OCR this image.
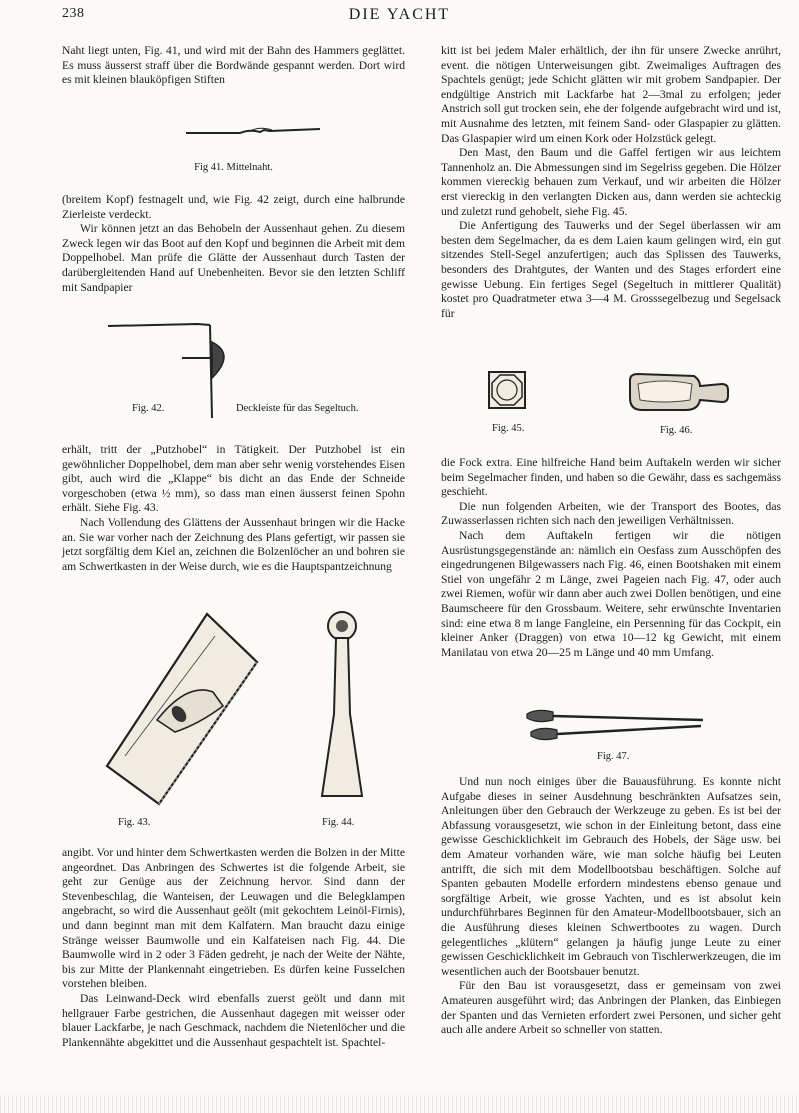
238	DIE YACHT

Naht liegt unten, Fig. 41, und wird mit der Bahn des Hammers geglättet. Es muss äusserst straff über die Bordwände gespannt werden. Dort wird es mit kleinen blauköpfigen Stiften

Fig 41. Mittelnaht.

(breitem Kopf) festnagelt und, wie Fig. 42 zeigt, durch eine halbrunde Zierleiste verdeckt.

Wir können jetzt an das Behobeln der Aussenhaut gehen. Zu diesem Zweck legen wir das Boot auf den Kopf und beginnen die Arbeit mit dem Doppelhobel. Man prüfe die Glätte der Aussenhaut durch Tasten der darübergleitenden Hand auf Unebenheiten. Bevor sie den letzten Schliff mit Sandpapier

Fig. 42.	Deckleiste für das Segeltuch.

erhält, tritt der „Putzhobel“ in Tätigkeit. Der Putzhobel ist ein gewöhnlicher Doppelhobel, dem man aber sehr wenig vorstehendes Eisen gibt, auch wird die „Klappe“ bis dicht an das Ende der Schneide vorgeschoben (etwa ½ mm), so dass man einen äusserst feinen Spohn erhält. Siehe Fig. 43.

Nach Vollendung des Glättens der Aussenhaut bringen wir die Hacke an. Sie war vorher nach der Zeichnung des Plans gefertigt, wir passen sie jetzt sorgfältig dem Kiel an, zeichnen die Bolzenlöcher an und bohren sie am Schwertkasten in der Weise durch, wie es die Hauptspantzeichnung

Fig. 43.	Fig. 44.

angibt. Vor und hinter dem Schwertkasten werden die Bolzen in der Mitte angeordnet. Das Anbringen des Schwertes ist die folgende Arbeit, sie geht zur Genüge aus der Zeichnung hervor. Sind dann der Stevenbeschlag, die Wanteisen, der Leuwagen und die Belegklampen angebracht, so wird die Aussenhaut geölt (mit gekochtem Leinöl-Firnis), und dann beginnt man mit dem Kalfatern. Man braucht dazu einige Stränge weisser Baumwolle und ein Kalfateisen nach Fig. 44. Die Baumwolle wird in 2 oder 3 Fäden gedreht, je nach der Weite der Nähte, bis zur Mitte der Plankennaht eingetrieben. Es dürfen keine Fusselchen vorstehen bleiben.

Das Leinwand-Deck wird ebenfalls zuerst geölt und dann mit hellgrauer Farbe gestrichen, die Aussenhaut dagegen mit weisser oder blauer Lackfarbe, je nach Geschmack, nachdem die Nietenlöcher und die Plankennähte abgekittet und die Aussenhaut gespachtelt ist. Spachtel-

kitt ist bei jedem Maler erhältlich, der ihn für unsere Zwecke anrührt, event. die nötigen Unterweisungen gibt. Zweimaliges Auftragen des Spachtels genügt; jede Schicht glätten wir mit grobem Sandpapier. Der endgültige Anstrich mit Lackfarbe hat 2—3mal zu erfolgen; jeder Anstrich soll gut trocken sein, ehe der folgende aufgebracht wird und ist, mit Ausnahme des letzten, mit feinem Sand- oder Glaspapier zu glätten. Das Glaspapier wird um einen Kork oder Holzstück gelegt.

Den Mast, den Baum und die Gaffel fertigen wir aus leichtem Tannenholz an. Die Abmessungen sind im Segelriss gegeben. Die Hölzer kommen viereckig behauen zum Verkauf, und wir arbeiten die Hölzer erst viereckig in den verlangten Dicken aus, dann werden sie achteckig und zuletzt rund gehobelt, siehe Fig. 45.

Die Anfertigung des Tauwerks und der Segel überlassen wir am besten dem Segelmacher, da es dem Laien kaum gelingen wird, ein gut sitzendes Stell-Segel anzufertigen; auch das Splissen des Tauwerks, besonders des Drahtgutes, der Wanten und des Stages erfordert eine gewisse Uebung. Ein fertiges Segel (Segeltuch in mittlerer Qualität) kostet pro Quadratmeter etwa 3—4 M. Grosssegelbezug und Segelsack für

Fig. 45.	Fig. 46.

die Fock extra. Eine hilfreiche Hand beim Auftakeln werden wir sicher beim Segelmacher finden, und haben so die Gewähr, dass es sachgemäss geschieht.

Die nun folgenden Arbeiten, wie der Transport des Bootes, das Zuwasserlassen richten sich nach den jeweiligen Verhältnissen.

Nach dem Auftakeln fertigen wir die nötigen Ausrüstungsgegenstände an: nämlich ein Oesfass zum Ausschöpfen des eingedrungenen Bilgewassers nach Fig. 46, einen Bootshaken mit einem Stiel von ungefähr 2 m Länge, zwei Pageien nach Fig. 47, oder auch zwei Riemen, wofür wir dann aber auch zwei Dollen benötigen, und eine Baumscheere für den Grossbaum. Weitere, sehr erwünschte Inventarien sind: eine etwa 8 m lange Fangleine, ein Persenning für das Cockpit, ein kleiner Anker (Draggen) von etwa 10—12 kg Gewicht, mit einem Manilatau von etwa 20—25 m Länge und 40 mm Umfang.

Fig. 47.

Und nun noch einiges über die Bauausführung. Es konnte nicht Aufgabe dieses in seiner Ausdehnung beschränkten Aufsatzes sein, Anleitungen über den Gebrauch der Werkzeuge zu geben. Es ist bei der Abfassung vorausgesetzt, wie schon in der Einleitung betont, dass eine gewisse Geschicklichkeit im Gebrauch des Hobels, der Säge usw. bei dem Amateur vorhanden wäre, wie man solche häufig bei Leuten antrifft, die sich mit dem Modellbootsbau beschäftigen. Solche auf Spanten gebauten Modelle erfordern mindestens ebenso genaue und sorgfältige Arbeit, wie grosse Yachten, und es ist absolut kein undurchführbares Beginnen für den Amateur-Modellbootsbauer, sich an die Ausführung dieses kleinen Schwertbootes zu wagen. Durch gelegentliches „klütern“ gelangen ja häufig junge Leute zu einer gewissen Geschicklichkeit im Gebrauch von Tischlerwerkzeugen, die im wesentlichen auch der Bootsbauer benutzt.

Für den Bau ist vorausgesetzt, dass er gemeinsam von zwei Amateuren ausgeführt wird; das Anbringen der Planken, das Einbiegen der Spanten und das Vernieten erfordert zwei Personen, und sicher geht auch alle andere Arbeit so schneller von statten.
